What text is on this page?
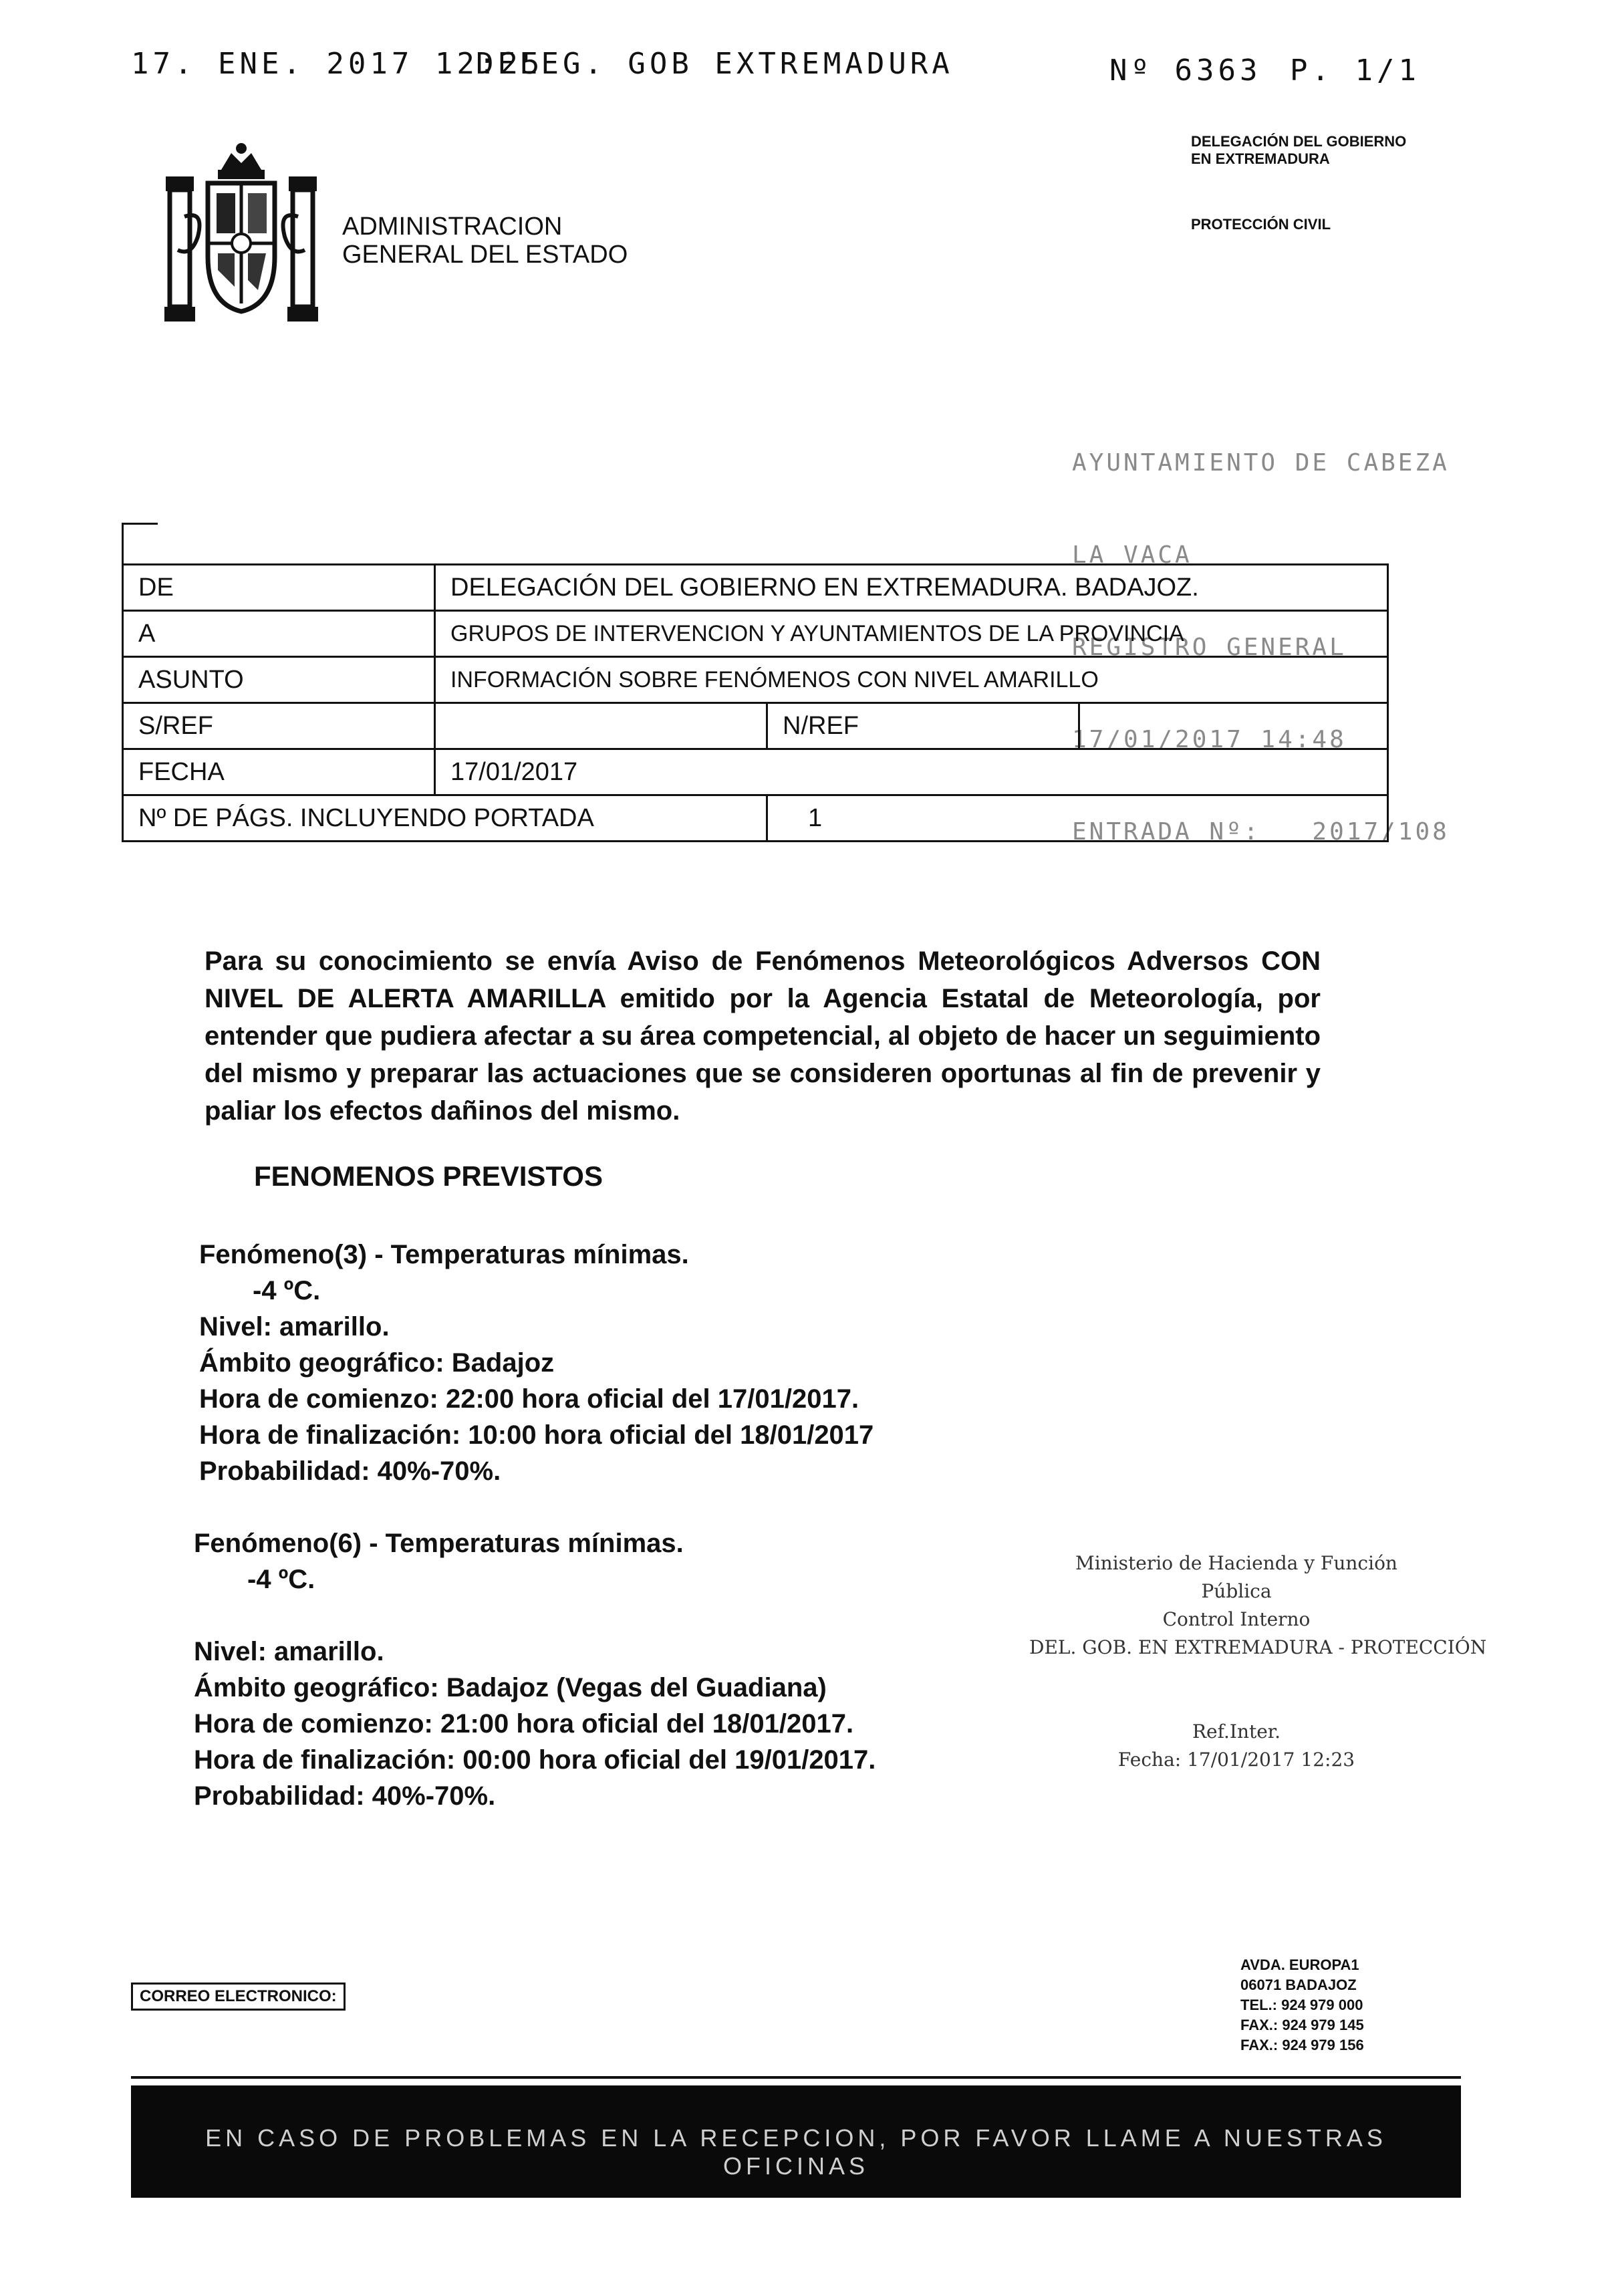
17. ENE. 2017 12:25
DELEG. GOB EXTREMADURA	Nº 6363 P. 1/1
ADMINISTRACION
GENERAL DEL ESTADO
DELEGACIÓN DEL GOBIERNO
EN EXTREMADURA
PROTECCIÓN CIVIL

AYUNTAMIENTO DE CABEZA

LA VACA

REGISTRO GENERAL

17/01/2017 14:48

ENTRADA Nº:   2017/108

DE	DELEGACIÓN DEL GOBIERNO EN EXTREMADURA. BADAJOZ.		
A	GRUPOS DE INTERVENCION Y AYUNTAMIENTOS DE LA PROVINCIA		
ASUNTO	INFORMACIÓN SOBRE FENÓMENOS CON NIVEL AMARILLO		
S/REF		N/REF	
FECHA	17/01/2017		
Nº DE PÁGS. INCLUYENDO PORTADA		1	
Para su conocimiento se envía Aviso de Fenómenos Meteorológicos Adversos CON NIVEL DE ALERTA AMARILLA emitido por la Agencia Estatal de Meteorología, por entender que pudiera afectar a su área competencial, al objeto de hacer un seguimiento del mismo y preparar las actuaciones que se consideren oportunas al fin de prevenir y paliar los efectos dañinos del mismo.
FENOMENOS PREVISTOS
Fenómeno(3) - Temperaturas mínimas.
-4 ºC.
Nivel: amarillo.
Ámbito geográfico: Badajoz
Hora de comienzo: 22:00 hora oficial del 17/01/2017.
Hora de finalización: 10:00 hora oficial del 18/01/2017
Probabilidad: 40%-70%.
Fenómeno(6) - Temperaturas mínimas.
-4 ºC.
Nivel: amarillo.
Ámbito geográfico: Badajoz (Vegas del Guadiana)
Hora de comienzo: 21:00 hora oficial del 18/01/2017.
Hora de finalización: 00:00 hora oficial del 19/01/2017.
Probabilidad: 40%-70%.
Ministerio de Hacienda y Función
Pública
Control Interno
DEL. GOB. EN EXTREMADURA - PROTECCIÓN
Ref.Inter.
Fecha: 17/01/2017 12:23
CORREO ELECTRONICO:
AVDA. EUROPA1
06071 BADAJOZ
TEL.: 924 979 000
FAX.: 924 979 145
FAX.: 924 979 156
EN CASO DE PROBLEMAS EN LA RECEPCION, POR FAVOR LLAME A NUESTRAS OFICINAS
